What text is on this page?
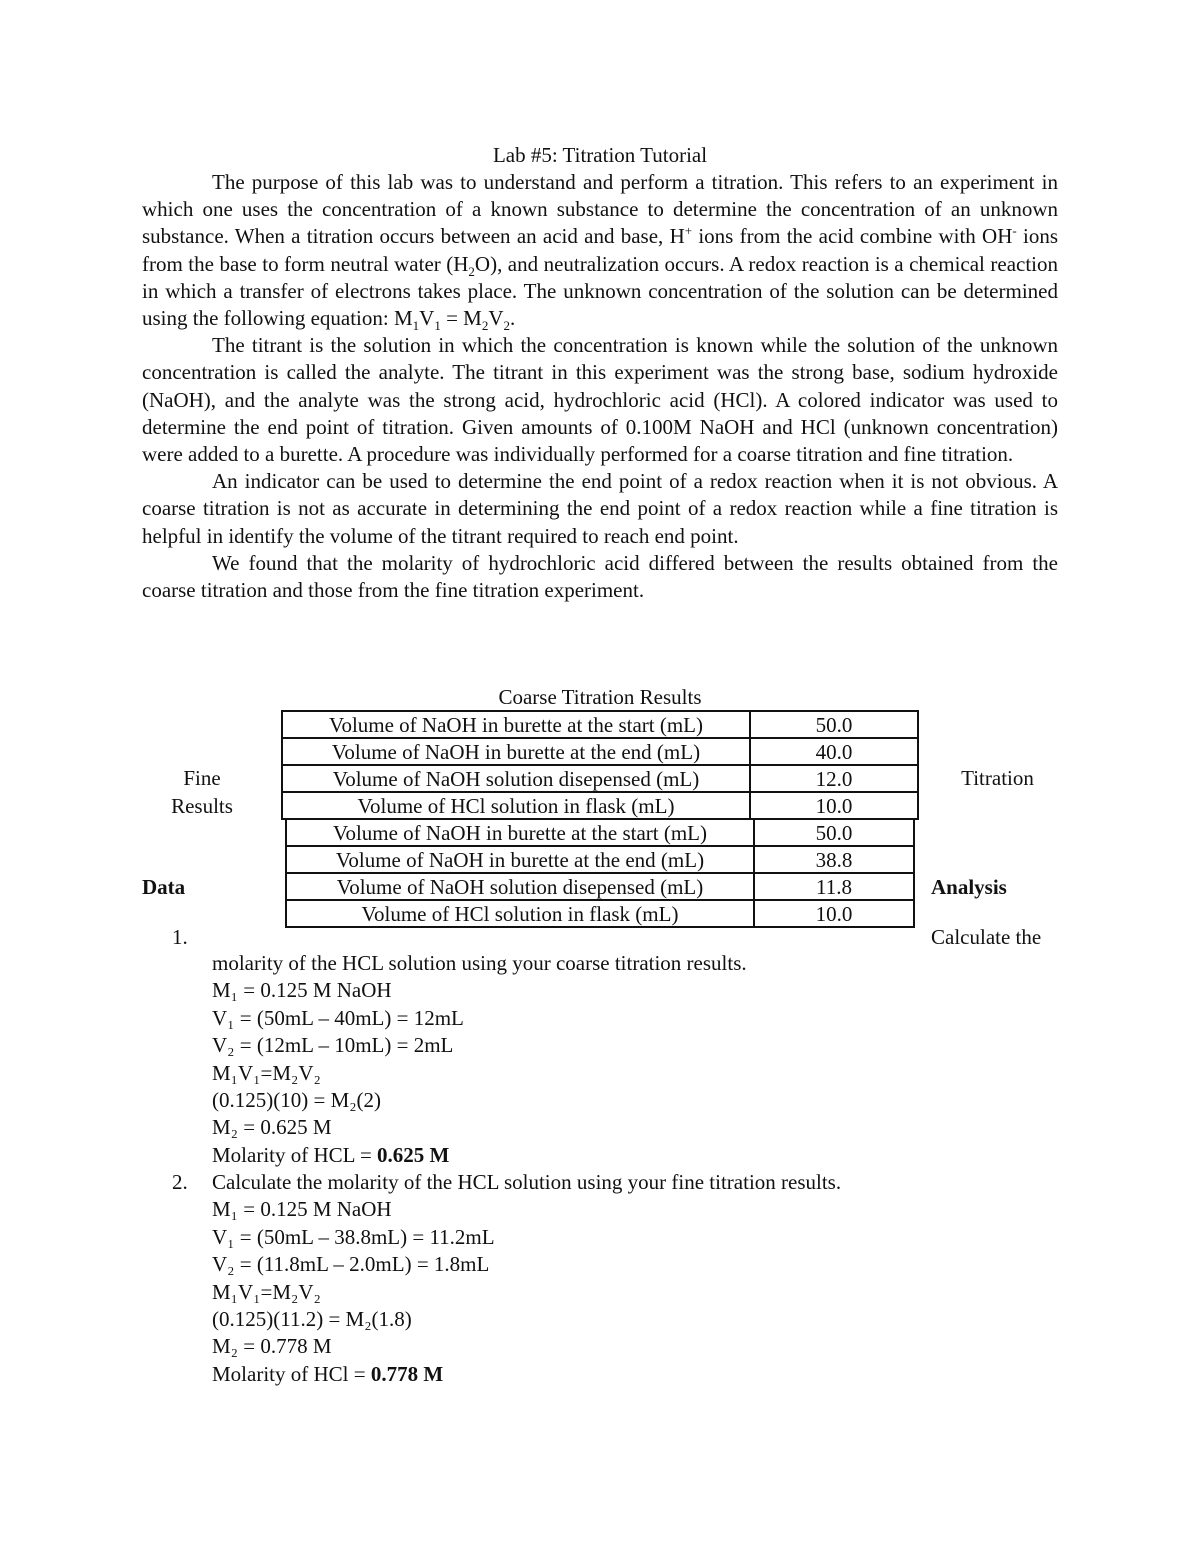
Lab #5: Titration Tutorial

The purpose of this lab was to understand and perform a titration. This refers to an experiment in which one uses the concentration of a known substance to determine the concentration of an unknown substance. When a titration occurs between an acid and base, H+ ions from the acid combine with OH- ions from the base to form neutral water $(H_2O)$, and neutralization occurs. A redox reaction is a chemical reaction in which a transfer of electrons takes place. The unknown concentration of the solution can be determined using the following equation: $M_1V_1 = M_2V_2$.

The titrant is the solution in which the concentration is known while the solution of the unknown concentration is called the analyte. The titrant in this experiment was the strong base, sodium hydroxide (NaOH), and the analyte was the strong acid, hydrochloric acid (HCl). A colored indicator was used to determine the end point of titration. Given amounts of 0.100M NaOH and HCl (unknown concentration) were added to a burette. A procedure was individually performed for a coarse titration and fine titration.

An indicator can be used to determine the end point of a redox reaction when it is not obvious. A coarse titration is not as accurate in determining the end point of a redox reaction while a fine titration is helpful in identify the volume of the titrant required to reach end point.

We found that the molarity of hydrochloric acid differed between the results obtained from the coarse titration and those from the fine titration experiment.

Coarse Titration Results
Volume of NaOH in burette at the start (mL)	50.0
Volume of NaOH in burette at the end (mL)	40.0
Volume of NaOH solution disepensed (mL)	12.0
Volume of HCl solution in flask (mL)	10.0
Volume of NaOH in burette at the start (mL)	50.0
Volume of NaOH in burette at the end (mL)	38.8
Volume of NaOH solution disepensed (mL)	11.8
Volume of HCl solution in flask (mL)	10.0
Fine
Results
Titration
Data	Analysis
1.	Calculate the
molarity of the HCL solution using your coarse titration results.
M₁ = 0.125 M NaOH
V₁ = (50mL – 40mL) = 12mL
V₂ = (12mL – 10mL) = 2mL
M₁V₁=M₂V₂
(0.125)(10) = M₂(2)
M₂ = 0.625 M
Molarity of HCL = 0.625 M
2. Calculate the molarity of the HCL solution using your fine titration results.
M₁ = 0.125 M NaOH
V₁ = (50mL – 38.8mL) = 11.2mL
V₂ = (11.8mL – 2.0mL) = 1.8mL
M₁V₁=M₂V₂
(0.125)(11.2) = M₂(1.8)
M₂ = 0.778 M
Molarity of HCl = 0.778 M
